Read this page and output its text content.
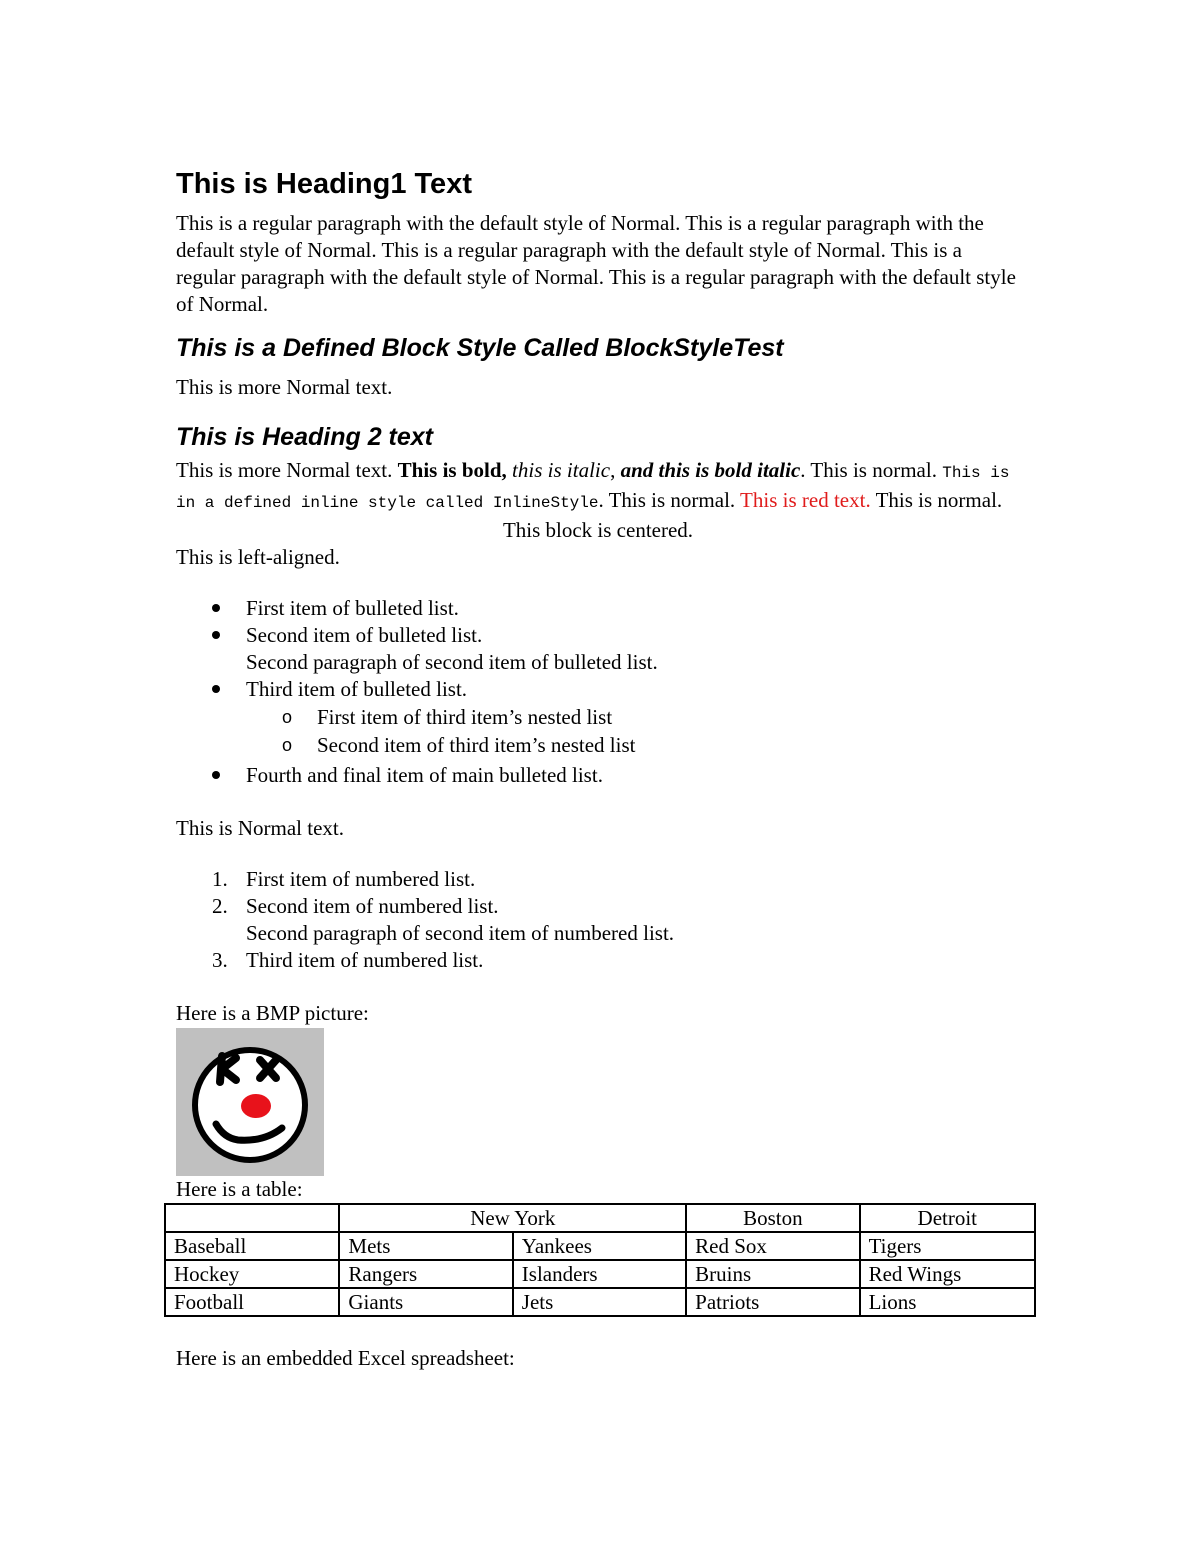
This is Heading1 Text

This is a regular paragraph with the default style of Normal. This is a regular paragraph with the default style of Normal. This is a regular paragraph with the default style of Normal. This is a regular paragraph with the default style of Normal. This is a regular paragraph with the default style of Normal.

This is a Defined Block Style Called BlockStyleTest

This is more Normal text.

This is Heading 2 text

This is more Normal text. This is bold, this is italic, and this is bold italic. This is normal. This is in a defined inline style called InlineStyle. This is normal. This is red text. This is normal.

This block is centered.

This is left-aligned.

First item of bulleted list.
Second item of bulleted list.
Second paragraph of second item of bulleted list.
Third item of bulleted list.
o First item of third item’s nested list
o Second item of third item’s nested list
Fourth and final item of main bulleted list.

This is Normal text.

1. First item of numbered list.
2. Second item of numbered list.
Second paragraph of second item of numbered list.
3. Third item of numbered list.

Here is a BMP picture:

Here is a table:

	New York		Boston	Detroit
Baseball	Mets	Yankees	Red Sox	Tigers
Hockey	Rangers	Islanders	Bruins	Red Wings
Football	Giants	Jets	Patriots	Lions

Here is an embedded Excel spreadsheet:
